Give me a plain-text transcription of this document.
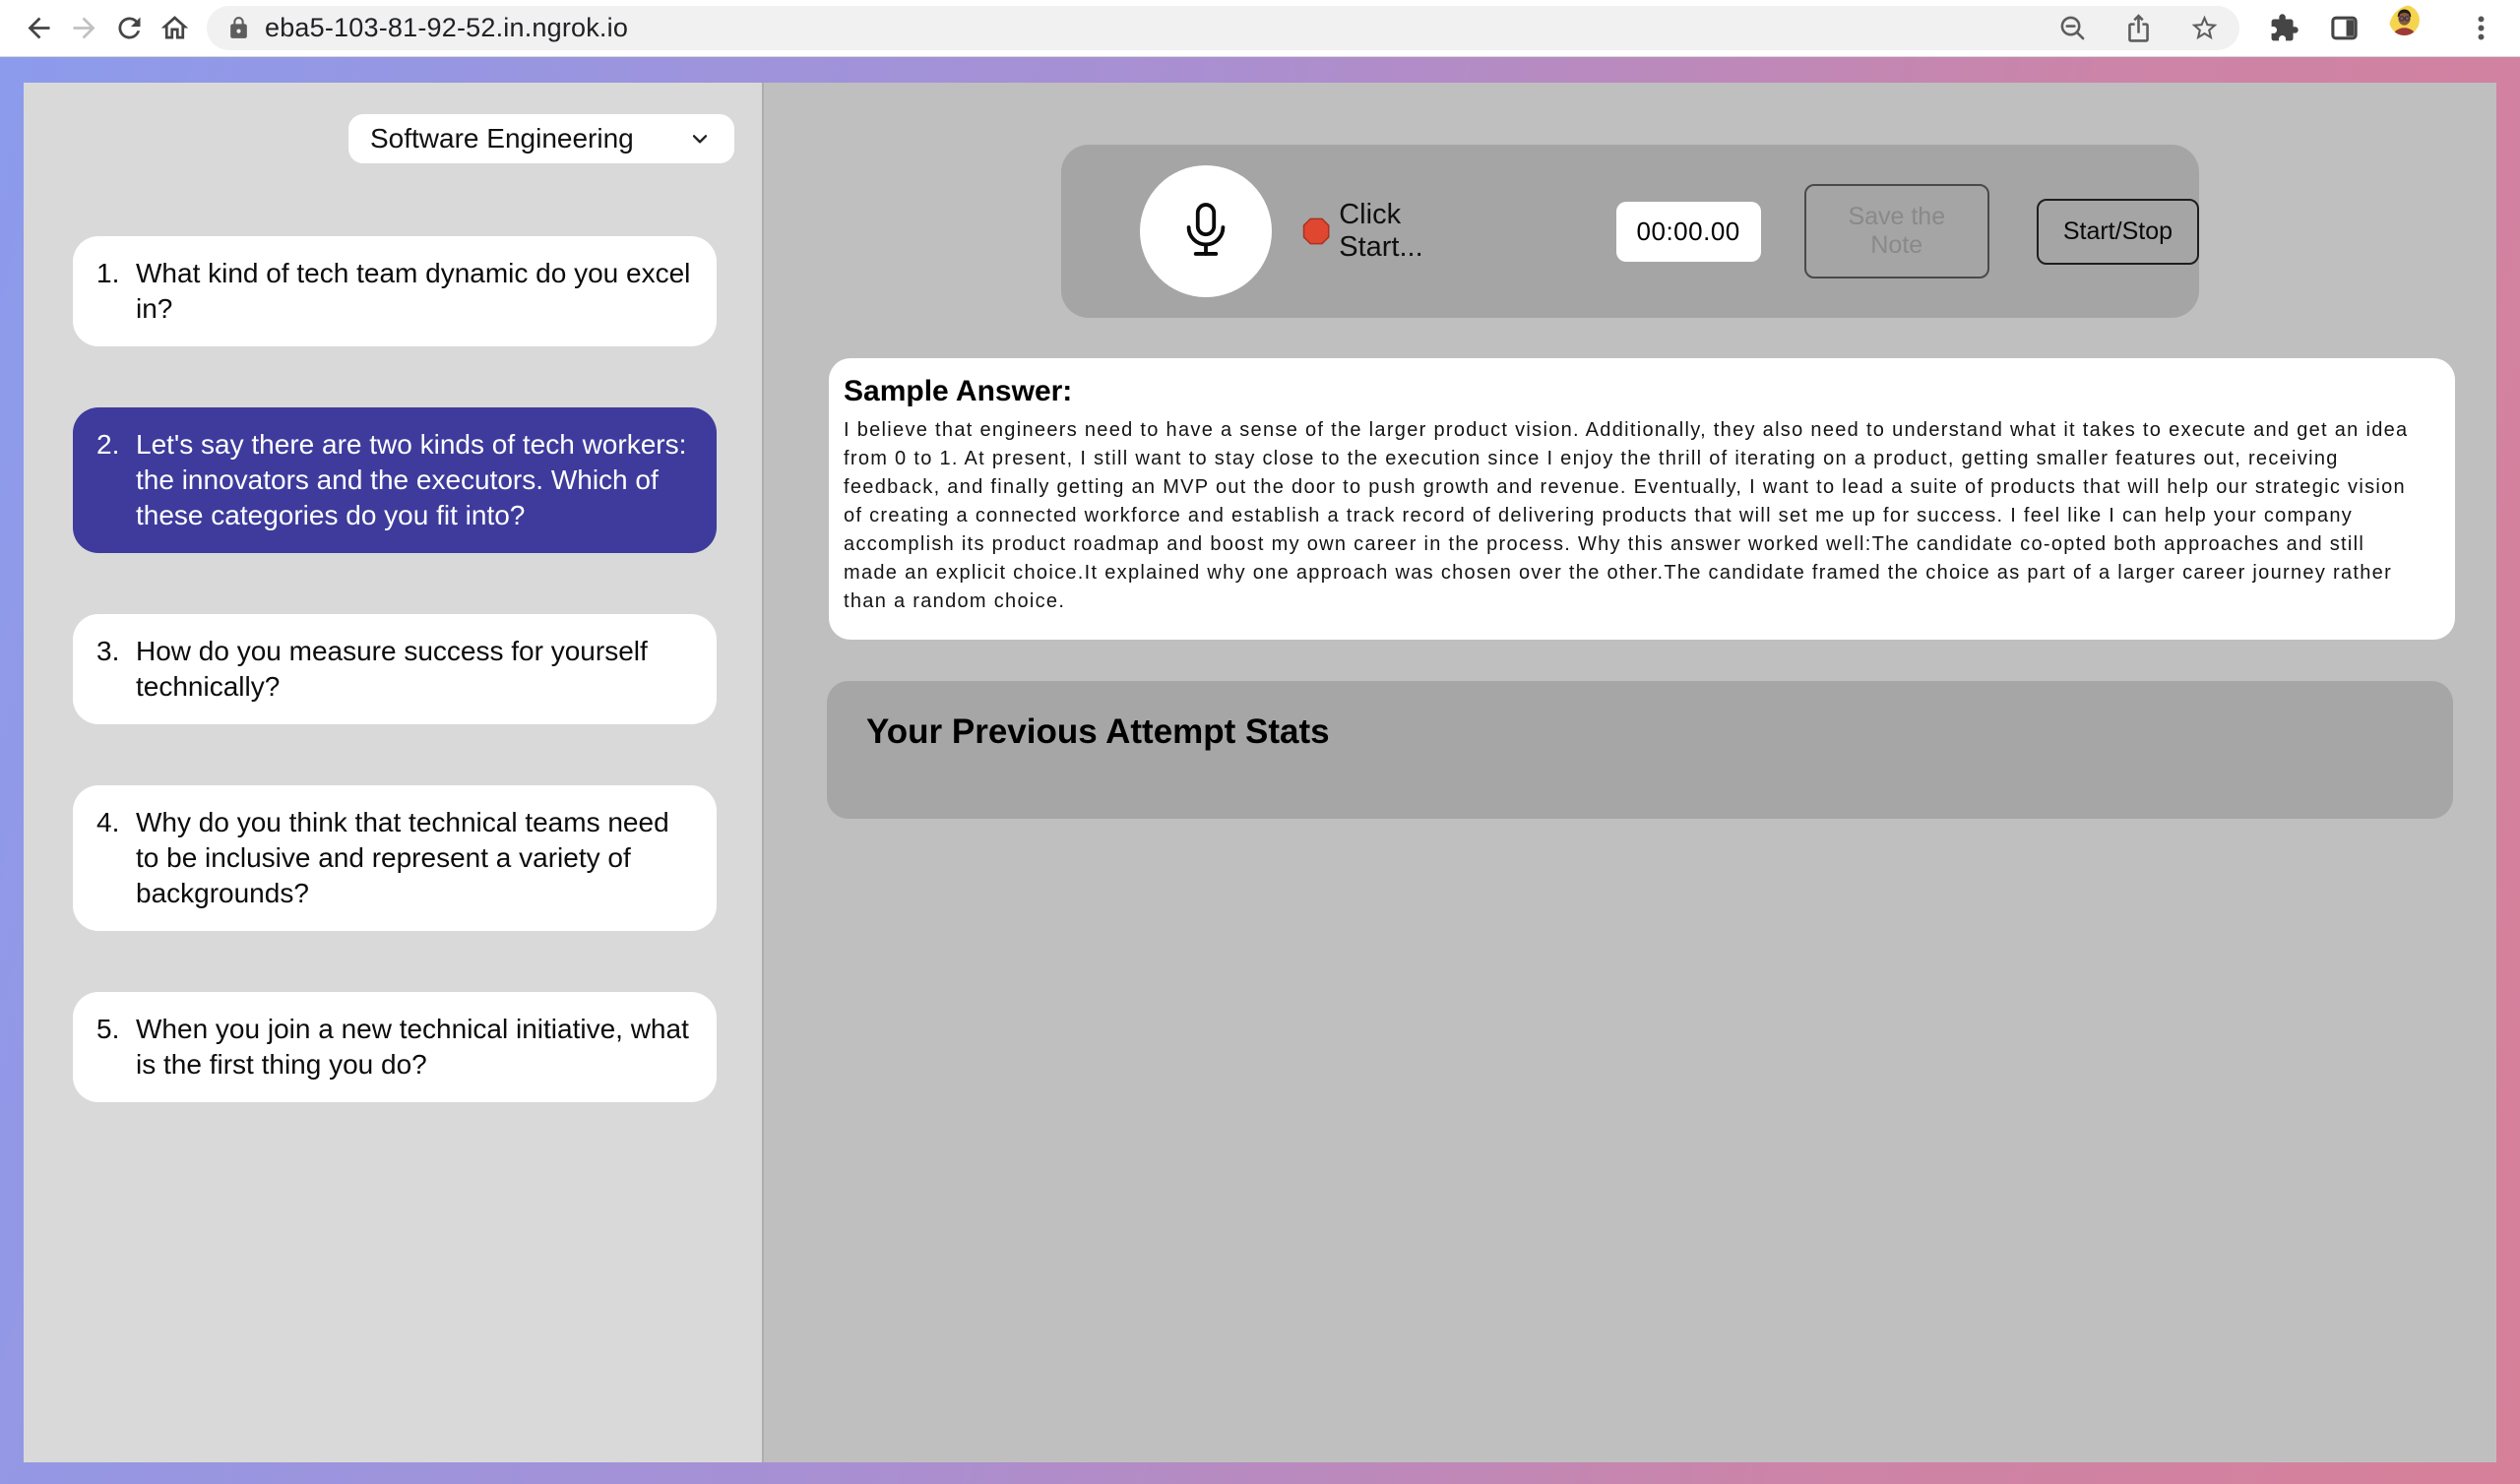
eba5-103-81-92-52.in.ngrok.io
Software Engineering
1. What kind of tech team dynamic do you excel in?
2. Let's say there are two kinds of tech workers: the innovators and the executors. Which of these categories do you fit into?
3. How do you measure success for yourself technically?
4. Why do you think that technical teams need to be inclusive and represent a variety of backgrounds?
5. When you join a new technical initiative, what is the first thing you do?
Click Start...
00:00.00	Save the Note
Start/Stop
Sample Answer:
I believe that engineers need to have a sense of the larger product vision. Additionally, they also need to understand what it takes to execute and get an idea from 0 to 1. At present, I still want to stay close to the execution since I enjoy the thrill of iterating on a product, getting smaller features out, receiving feedback, and finally getting an MVP out the door to push growth and revenue. Eventually, I want to lead a suite of products that will help our strategic vision of creating a connected workforce and establish a track record of delivering products that will set me up for success. I feel like I can help your company accomplish its product roadmap and boost my own career in the process. Why this answer worked well:The candidate co-opted both approaches and still made an explicit choice.It explained why one approach was chosen over the other.The candidate framed the choice as part of a larger career journey rather than a random choice.
Your Previous Attempt Stats
